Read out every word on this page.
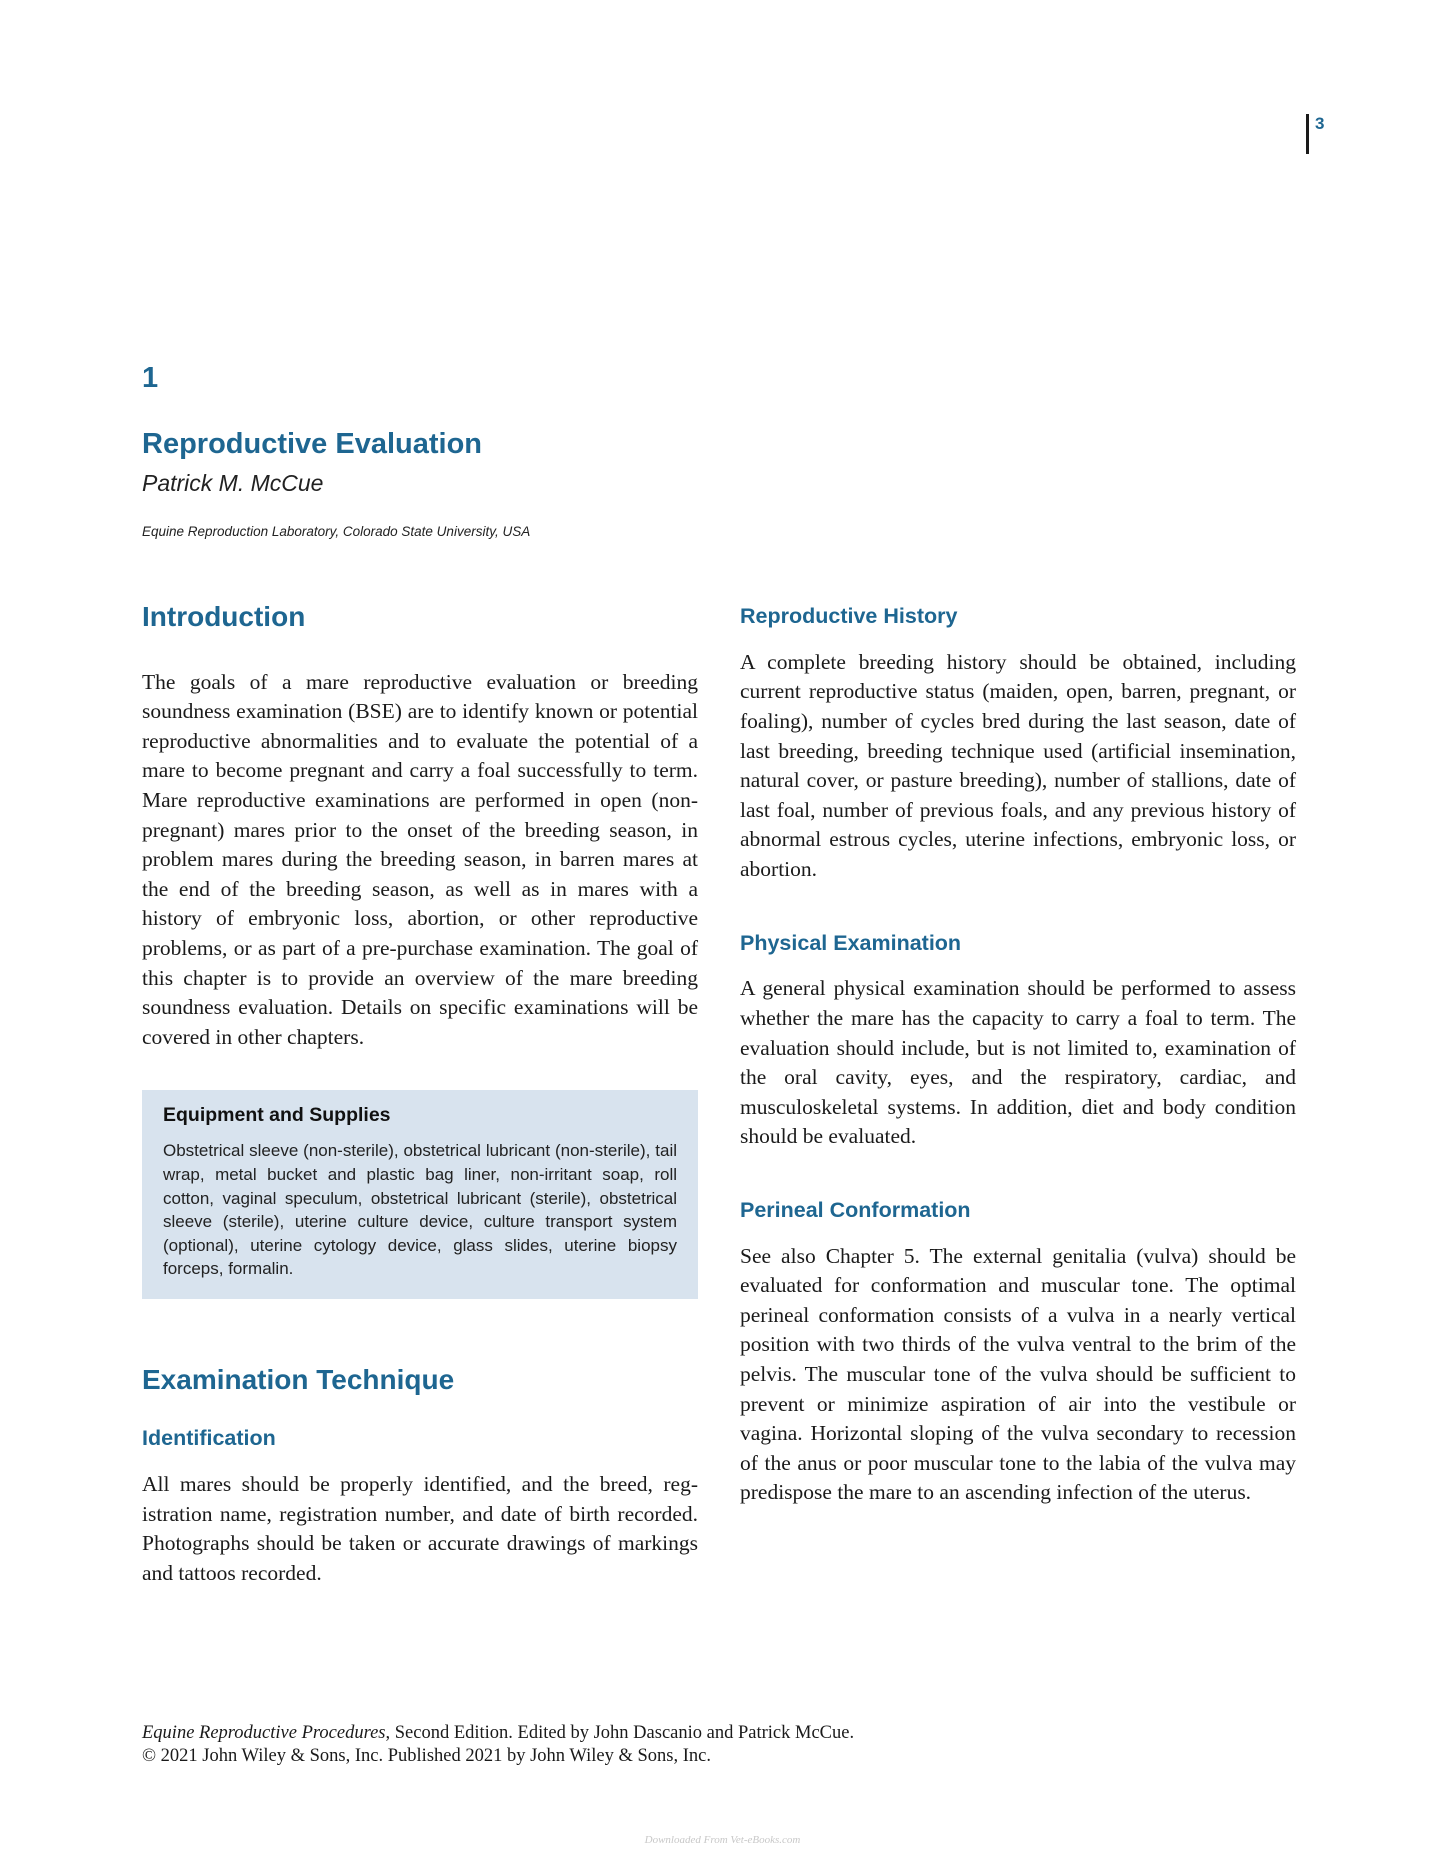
3
1
Reproductive Evaluation
Patrick M. McCue
Equine Reproduction Laboratory, Colorado State University, USA
Introduction

The goals of a mare reproductive evaluation or breeding soundness examination (BSE) are to identify known or potential reproductive abnormalities and to evaluate the potential of a mare to become pregnant and carry a foal successfully to term. Mare reproductive examinations are performed in open (non-pregnant) mares prior to the onset of the breeding season, in problem mares during the breeding season, in barren mares at the end of the breeding season, as well as in mares with a history of embryonic loss, abortion, or other reproductive problems, or as part of a pre-purchase examination. The goal of this chapter is to provide an overview of the mare breeding soundness evaluation. Details on specific examinations will be covered in other chapters.

Equipment and Supplies

Obstetrical sleeve (non-sterile), obstetrical lubricant (non-sterile), tail wrap, metal bucket and plastic bag liner, non-irritant soap, roll cotton, vaginal speculum, obstetrical lubricant (sterile), obstetrical sleeve (sterile), uterine culture device, culture transport system (optional), uterine cytology device, glass slides, uterine biopsy forceps, formalin.

Examination Technique
Identification

All mares should be properly identified, and the breed, registration name, registration number, and date of birth recorded. Photographs should be taken or accurate drawings of markings and tattoos recorded.

Reproductive History

A complete breeding history should be obtained, including current reproductive status (maiden, open, barren, pregnant, or foaling), number of cycles bred during the last season, date of last breeding, breeding technique used (artificial insemination, natural cover, or pasture breeding), number of stallions, date of last foal, number of previous foals, and any previous history of abnormal estrous cycles, uterine infections, embryonic loss, or abortion.

Physical Examination

A general physical examination should be performed to assess whether the mare has the capacity to carry a foal to term. The evaluation should include, but is not limited to, examination of the oral cavity, eyes, and the respiratory, cardiac, and musculoskeletal systems. In addition, diet and body condition should be evaluated.

Perineal Conformation

See also Chapter 5. The external genitalia (vulva) should be evaluated for conformation and muscular tone. The optimal perineal conformation consists of a vulva in a nearly vertical position with two thirds of the vulva ventral to the brim of the pelvis. The muscular tone of the vulva should be sufficient to prevent or minimize aspiration of air into the vestibule or vagina. Horizontal sloping of the vulva secondary to recession of the anus or poor muscular tone to the labia of the vulva may predispose the mare to an ascending infection of the uterus.

Equine Reproductive Procedures, Second Edition. Edited by John Dascanio and Patrick McCue.
© 2021 John Wiley & Sons, Inc. Published 2021 by John Wiley & Sons, Inc.
Downloaded From Vet-eBooks.com
